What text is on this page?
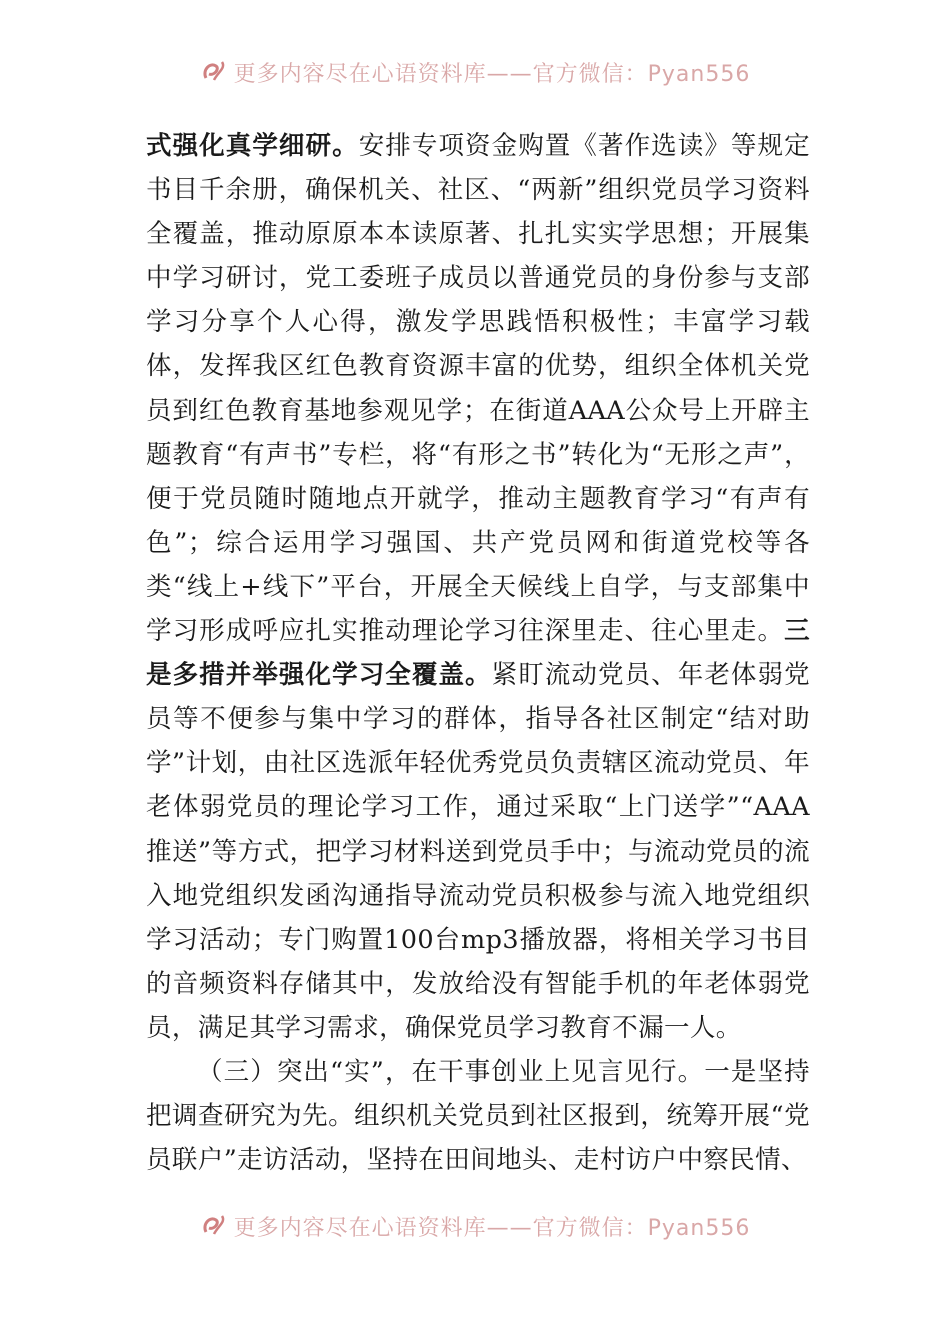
更多内容尽在心语资料库——官方微信：Pyan556

式强化真学细研。安排专项资金购置《著作选读》等规定书目千余册，确保机关、社区、“两新”组织党员学习资料全覆盖，推动原原本本读原著、扎扎实实学思想；开展集中学习研讨，党工委班子成员以普通党员的身份参与支部学习分享个人心得，激发学思践悟积极性；丰富学习载体，发挥我区红色教育资源丰富的优势，组织全体机关党员到红色教育基地参观见学；在街道AAA公众号上开辟主题教育“有声书”专栏，将“有形之书”转化为“无形之声”，便于党员随时随地点开就学，推动主题教育学习“有声有色”；综合运用学习强国、共产党员网和街道党校等各类“线上+线下”平台，开展全天候线上自学，与支部集中学习形成呼应扎实推动理论学习往深里走、往心里走。三是多措并举强化学习全覆盖。紧盯流动党员、年老体弱党员等不便参与集中学习的群体，指导各社区制定“结对助学”计划，由社区选派年轻优秀党员负责辖区流动党员、年老体弱党员的理论学习工作，通过采取“上门送学”“AAA推送”等方式，把学习材料送到党员手中；与流动党员的流入地党组织发函沟通指导流动党员积极参与流入地党组织学习活动；专门购置100台mp3播放器，将相关学习书目的音频资料存储其中，发放给没有智能手机的年老体弱党员，满足其学习需求，确保党员学习教育不漏一人。

（三）突出“实”，在干事创业上见言见行。一是坚持把调查研究为先。组织机关党员到社区报到，统筹开展“党员联户”走访活动，坚持在田间地头、走村访户中察民情、

更多内容尽在心语资料库——官方微信：Pyan556
